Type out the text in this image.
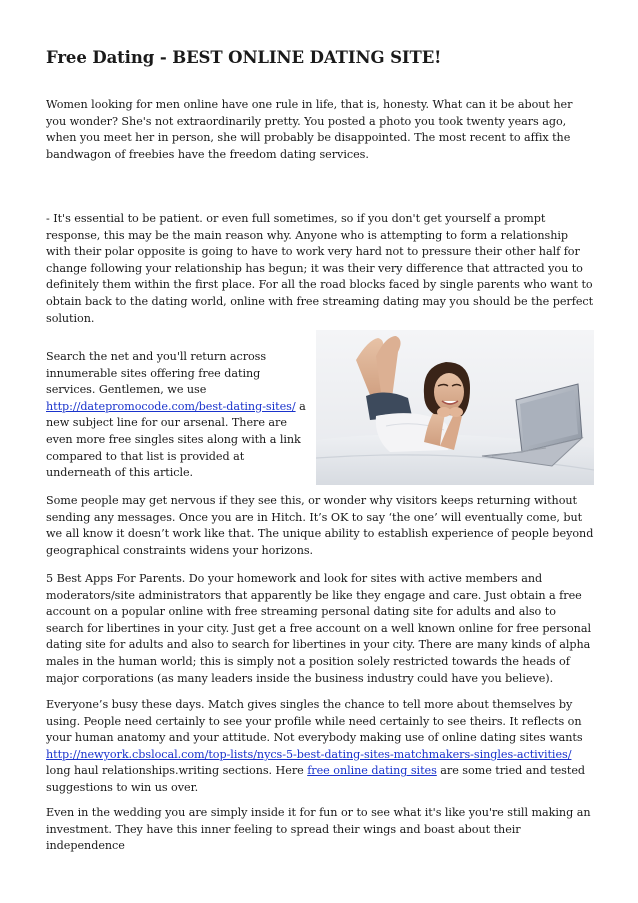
Free Dating - BEST ONLINE DATING SITE!

Women looking for men online have one rule in life, that is, honesty. What can it be about her you wonder? She's not extraordinarily pretty. You posted a photo you took twenty years ago, when you meet her in person, she will probably be disappointed. The most recent to affix the bandwagon of freebies have the freedom dating services.

- It's essential to be patient. or even full sometimes, so if you don't get yourself a prompt response, this may be the main reason why. Anyone who is attempting to form a relationship with their polar opposite is going to have to work very hard not to pressure their other half for change following your relationship has begun; it was their very difference that attracted you to definitely them within the first place. For all the road blocks faced by single parents who want to obtain back to the dating world, online with free streaming dating may you should be the perfect solution.

Search the net and you'll return across innumerable sites offering free dating services. Gentlemen, we use http://datepromocode.com/best-dating-sites/ a new subject line for our arsenal. There are even more free singles sites along with a link compared to that list is provided at underneath of this article.

Some people may get nervous if they see this, or wonder why visitors keeps returning without sending any messages. Once you are in Hitch. It’s OK to say ‘the one’ will eventually come, but we all know it doesn’t work like that. The unique ability to establish experience of people beyond geographical constraints widens your horizons.

5 Best Apps For Parents. Do your homework and look for sites with active members and moderators/site administrators that apparently be like they engage and care. Just obtain a free account on a popular online with free streaming personal dating site for adults and also to search for libertines in your city. Just get a free account on a well known online for free personal dating site for adults and also to search for libertines in your city. There are many kinds of alpha males in the human world; this is simply not a position solely restricted towards the heads of major corporations (as many leaders inside the business industry could have you believe).

Everyone’s busy these days. Match gives singles the chance to tell more about themselves by using. People need certainly to see your profile while need certainly to see theirs. It reflects on your human anatomy and your attitude. Not everybody making use of online dating sites wants http://newyork.cbslocal.com/top-lists/nycs-5-best-dating-sites-matchmakers-singles-activities/ long haul relationships.writing sections. Here free online dating sites are some tried and tested suggestions to win us over.

Even in the wedding you are simply inside it for fun or to see what it's like you're still making an investment. They have this inner feeling to spread their wings and boast about their independence
